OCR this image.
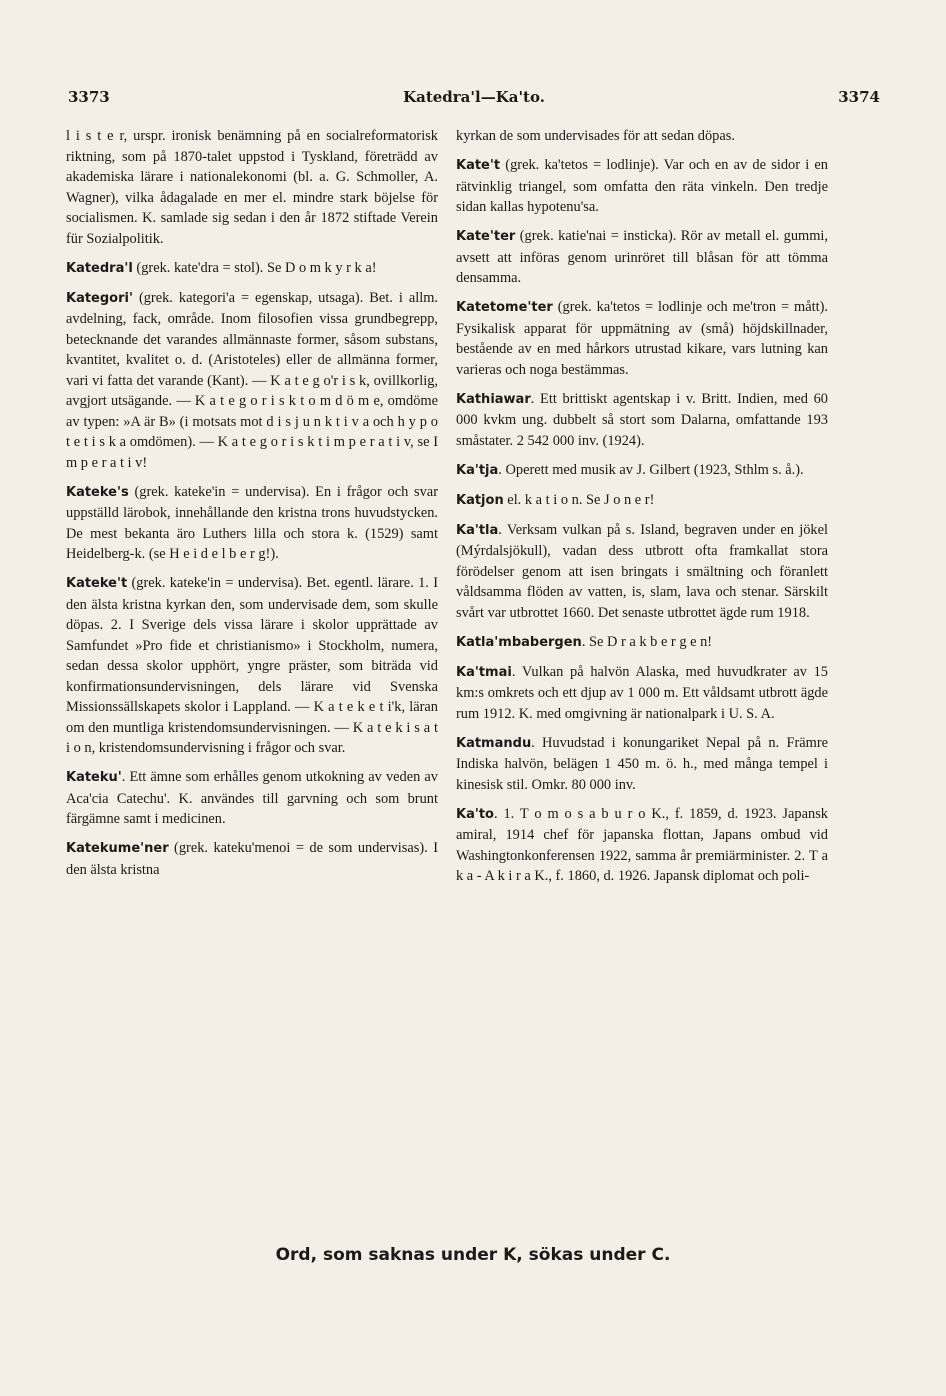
3373	Katedra'l—Ka'to.	3374

l i s t e r, urspr. ironisk benämning på en socialreformatorisk riktning, som på 1870-talet uppstod i Tyskland, företrädd av akademiska lärare i nationalekonomi (bl. a. G. Schmoller, A. Wagner), vilka ådagalade en mer el. mindre stark böjelse för socialismen. K. samlade sig sedan i den år 1872 stiftade Verein für Sozialpolitik.

Katedra'l (grek. kate'dra = stol). Se D o m k y r k a!

Kategori' (grek. kategori'a = egenskap, utsaga). Bet. i allm. avdelning, fack, område. Inom filosofien vissa grundbegrepp, betecknande det varandes allmännaste former, såsom substans, kvantitet, kvalitet o. d. (Aristoteles) eller de allmänna former, vari vi fatta det varande (Kant). — K a t e g o'r i s k, ovillkorlig, avgjort utsägande. — K a t e g o r i s k t o m d ö m e, omdöme av typen: »A är B» (i motsats mot d i s j u n k t i v a och h y p o t e t i s k a omdömen). — K a t e g o r i s k t i m p e r a t i v, se I m p e r a t i v!

Kateke's (grek. kateke'in = undervisa). En i frågor och svar uppställd lärobok, innehållande den kristna trons huvudstycken. De mest bekanta äro Luthers lilla och stora k. (1529) samt Heidelberg-k. (se H e i d e l b e r g!).

Kateke't (grek. kateke'in = undervisa). Bet. egentl. lärare. 1. I den älsta kristna kyrkan den, som undervisade dem, som skulle döpas. 2. I Sverige dels vissa lärare i skolor upprättade av Samfundet »Pro fide et christianismo» i Stockholm, numera, sedan dessa skolor upphört, yngre präster, som biträda vid konfirmationsundervisningen, dels lärare vid Svenska Missionssällskapets skolor i Lappland. — K a t e k e t i'k, läran om den muntliga kristendomsundervisningen. — K a t e k i s a t i o n, kristendomsundervisning i frågor och svar.

Kateku'. Ett ämne som erhålles genom utkokning av veden av Aca'cia Catechu'. K. användes till garvning och som brunt färgämne samt i medicinen.

Katekume'ner (grek. kateku'menoi = de som undervisas). I den älsta kristna

kyrkan de som undervisades för att sedan döpas.

Kate't (grek. ka'tetos = lodlinje). Var och en av de sidor i en rätvinklig triangel, som omfatta den räta vinkeln. Den tredje sidan kallas hypotenu'sa.

Kate'ter (grek. katie'nai = insticka). Rör av metall el. gummi, avsett att införas genom urinröret till blåsan för att tömma densamma.

Katetome'ter (grek. ka'tetos = lodlinje och me'tron = mått). Fysikalisk apparat för uppmätning av (små) höjdskillnader, bestående av en med hårkors utrustad kikare, vars lutning kan varieras och noga bestämmas.

Kathiawar. Ett brittiskt agentskap i v. Britt. Indien, med 60 000 kvkm ung. dubbelt så stort som Dalarna, omfattande 193 småstater. 2 542 000 inv. (1924).

Ka'tja. Operett med musik av J. Gilbert (1923, Sthlm s. å.).

Katjon el. k a t i o n. Se J o n e r!

Ka'tla. Verksam vulkan på s. Island, begraven under en jökel (Mýrdalsjökull), vadan dess utbrott ofta framkallat stora förödelser genom att isen bringats i smältning och föranlett våldsamma flöden av vatten, is, slam, lava och stenar. Särskilt svårt var utbrottet 1660. Det senaste utbrottet ägde rum 1918.

Katla'mbabergen. Se D r a k b e r g e n!

Ka'tmai. Vulkan på halvön Alaska, med huvudkrater av 15 km:s omkrets och ett djup av 1 000 m. Ett våldsamt utbrott ägde rum 1912. K. med omgivning är nationalpark i U. S. A.

Katmandu. Huvudstad i konungariket Nepal på n. Främre Indiska halvön, belägen 1 450 m. ö. h., med många tempel i kinesisk stil. Omkr. 80 000 inv.

Ka'to. 1. T o m o s a b u r o K., f. 1859, d. 1923. Japansk amiral, 1914 chef för japanska flottan, Japans ombud vid Washingtonkonferensen 1922, samma år premiärminister. 2. T a k a - A k i r a K., f. 1860, d. 1926. Japansk diplomat och poli-

Ord, som saknas under K, sökas under C.
